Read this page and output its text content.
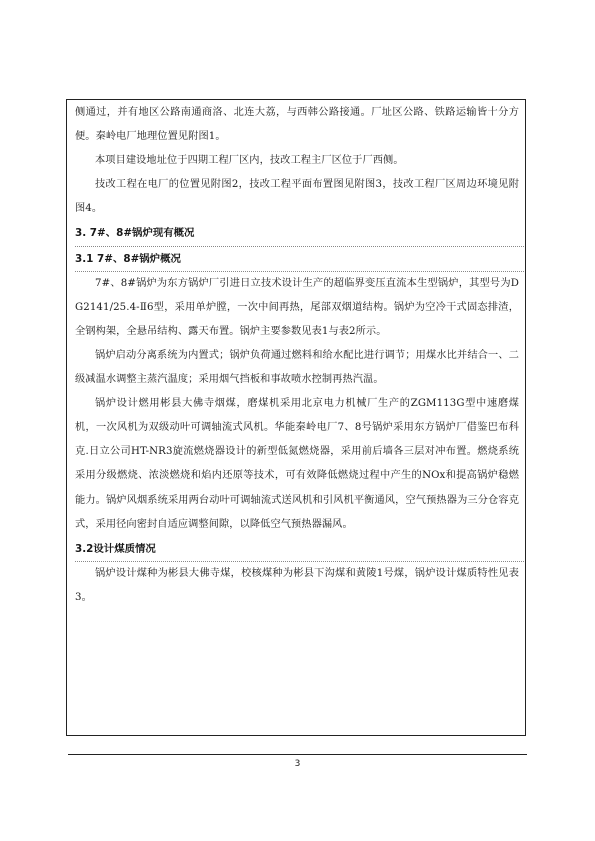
侧通过，并有地区公路南通商洛、北连大荔，与西韩公路接通。厂址区公路、铁路运输皆十分方便。秦岭电厂地理位置见附图1。

本项目建设地址位于四期工程厂区内，技改工程主厂区位于厂西侧。

技改工程在电厂的位置见附图2，技改工程平面布置图见附图3，技改工程厂区周边环境见附图4。

3. 7#、8#锅炉现有概况

3.1 7#、8#锅炉概况

7#、8#锅炉为东方锅炉厂引进日立技术设计生产的超临界变压直流本生型锅炉，其型号为DG2141/25.4-Ⅱ6型，采用单炉膛，一次中间再热，尾部双烟道结构。锅炉为空冷干式固态排渣，全钢构架，全悬吊结构、露天布置。锅炉主要参数见表1与表2所示。

锅炉启动分离系统为内置式；锅炉负荷通过燃料和给水配比进行调节；用煤水比并结合一、二级减温水调整主蒸汽温度；采用烟气挡板和事故喷水控制再热汽温。

锅炉设计燃用彬县大佛寺烟煤，磨煤机采用北京电力机械厂生产的ZGM113G型中速磨煤机，一次风机为双级动叶可调轴流式风机。华能秦岭电厂7、8号锅炉采用东方锅炉厂借鉴巴布科克.日立公司HT-NR3旋流燃烧器设计的新型低氮燃烧器，采用前后墙各三层对冲布置。燃烧系统采用分级燃烧、浓淡燃烧和焰内还原等技术，可有效降低燃烧过程中产生的NOx和提高锅炉稳燃能力。锅炉风烟系统采用两台动叶可调轴流式送风机和引风机平衡通风，空气预热器为三分仓容克式，采用径向密封自适应调整间隙，以降低空气预热器漏风。

3.2设计煤质情况

锅炉设计煤种为彬县大佛寺煤，校核煤种为彬县下沟煤和黄陵1号煤，锅炉设计煤质特性见表3。

3
